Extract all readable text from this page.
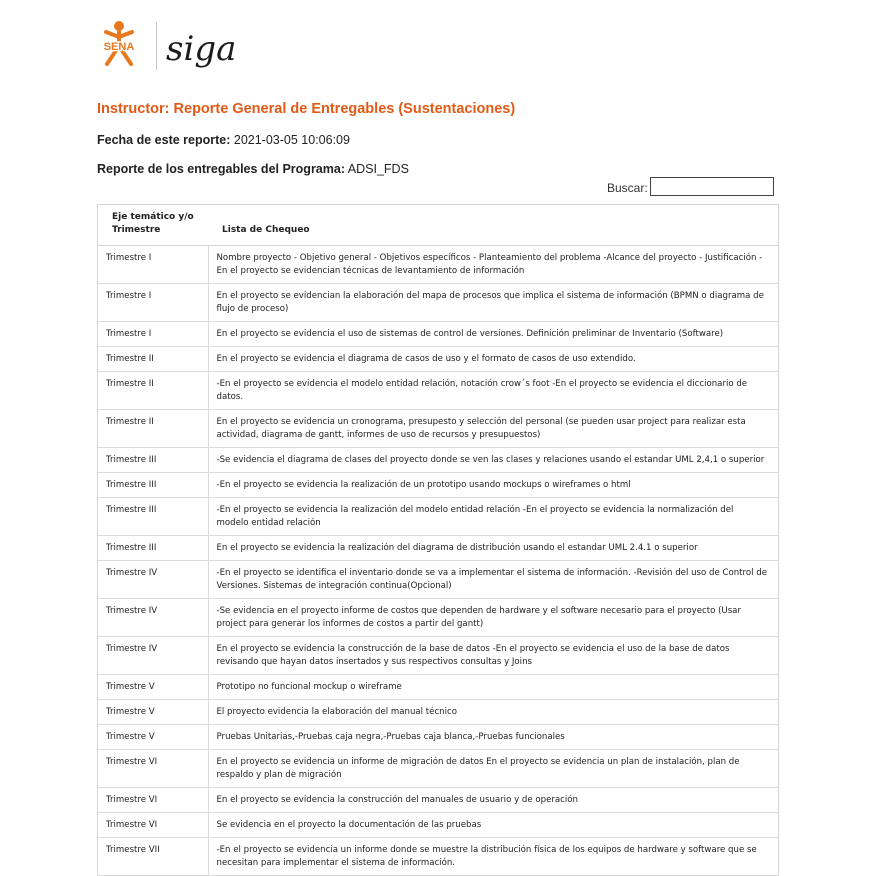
SENA siga
Instructor: Reporte General de Entregables (Sustentaciones)
Fecha de este reporte: 2021-03-05 10:06:09
Reporte de los entregables del Programa: ADSI_FDS
Buscar:
Eje temático y/o Trimestre	Lista de Chequeo
Trimestre I	Nombre proyecto - Objetivo general - Objetivos específicos - Planteamiento del problema -Alcance del proyecto - Justificación - En el proyecto se evidencian técnicas de levantamiento de información
Trimestre I	En el proyecto se evidencian la elaboración del mapa de procesos que implica el sistema de información (BPMN o diagrama de flujo de proceso)
Trimestre I	En el proyecto se evidencia el uso de sistemas de control de versiones. Definición preliminar de Inventario (Software)
Trimestre II	En el proyecto se evidencia el diagrama de casos de uso y el formato de casos de uso extendido.
Trimestre II	-En el proyecto se evidencia el modelo entidad relación, notación crow´s foot -En el proyecto se evidencia el diccionario de datos.
Trimestre II	En el proyecto se evidencia un cronograma, presupesto y selección del personal (se pueden usar project para realizar esta actividad, diagrama de gantt, informes de uso de recursos y presupuestos)
Trimestre III	-Se evidencia el diagrama de clases del proyecto donde se ven las clases y relaciones usando el estandar UML 2,4,1 o superior
Trimestre III	-En el proyecto se evidencia la realización de un prototipo usando mockups o wireframes o html
Trimestre III	-En el proyecto se evidencia la realización del modelo entidad relación -En el proyecto se evidencia la normalización del modelo entidad relación
Trimestre III	En el proyecto se evidencia la realización del diagrama de distribución usando el estandar UML 2.4.1 o superior
Trimestre IV	-En el proyecto se identifica el inventario donde se va a implementar el sistema de información. -Revisión del uso de Control de Versiones. Sistemas de integración continua(Opcional)
Trimestre IV	-Se evidencia en el proyecto informe de costos que dependen de hardware y el software necesario para el proyecto (Usar project para generar los informes de costos a partir del gantt)
Trimestre IV	En el proyecto se evidencia la construcción de la base de datos -En el proyecto se evidencia el uso de la base de datos revisando que hayan datos insertados y sus respectivos consultas y Joins
Trimestre V	Prototipo no funcional mockup o wireframe
Trimestre V	El proyecto evidencia la elaboración del manual técnico
Trimestre V	Pruebas Unitarias,-Pruebas caja negra,-Pruebas caja blanca,-Pruebas funcionales
Trimestre VI	En el proyecto se evidencia un informe de migración de datos En el proyecto se evidencia un plan de instalación, plan de respaldo y plan de migración
Trimestre VI	En el proyecto se evidencia la construcción del manuales de usuario y de operación
Trimestre VI	Se evidencia en el proyecto la documentación de las pruebas
Trimestre VII	-En el proyecto se evidencia un informe donde se muestre la distribución física de los equipos de hardware y software que se necesitan para implementar el sistema de información.
